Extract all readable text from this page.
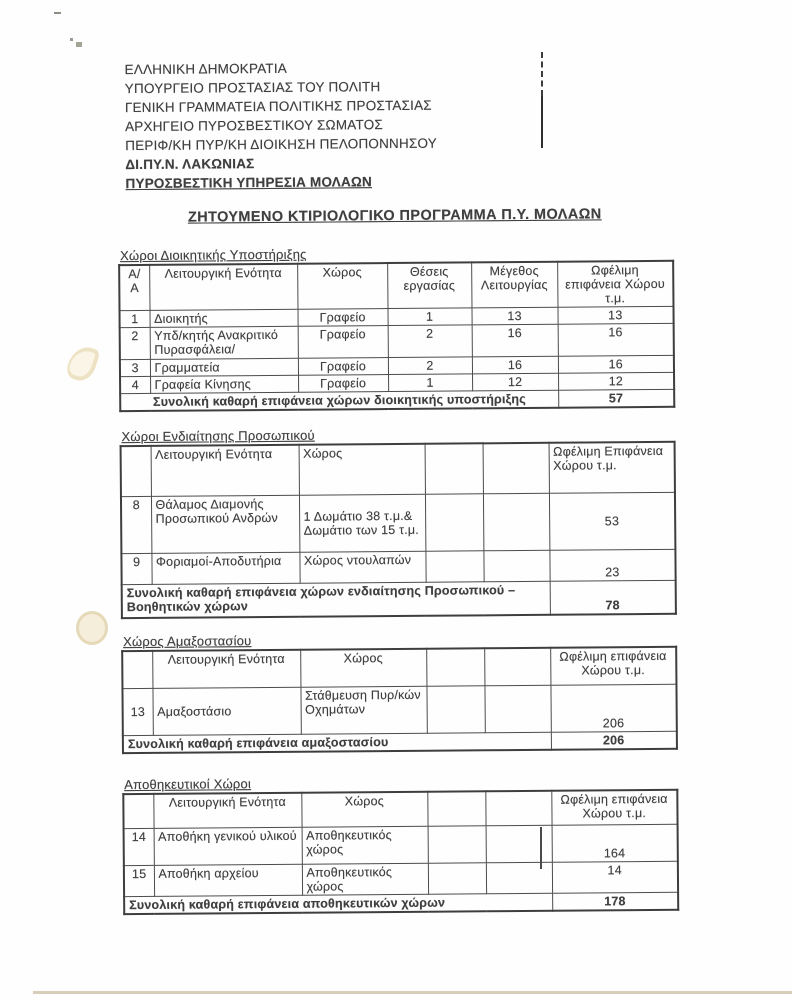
ΕΛΛΗΝΙΚΗ ΔΗΜΟΚΡΑΤΙΑ
ΥΠΟΥΡΓΕΙΟ ΠΡΟΣΤΑΣΙΑΣ ΤΟΥ ΠΟΛΙΤΗ
ΓΕΝΙΚΗ ΓΡΑΜΜΑΤΕΙΑ ΠΟΛΙΤΙΚΗΣ ΠΡΟΣΤΑΣΙΑΣ
ΑΡΧΗΓΕΙΟ ΠΥΡΟΣΒΕΣΤΙΚΟΥ ΣΩΜΑΤΟΣ
ΠΕΡΙΦ/ΚΗ ΠΥΡ/ΚΗ ΔΙΟΙΚΗΣΗ ΠΕΛΟΠΟΝΝΗΣΟΥ
ΔΙ.ΠΥ.Ν. ΛΑΚΩΝΙΑΣ
ΠΥΡΟΣΒΕΣΤΙΚΗ ΥΠΗΡΕΣΙΑ ΜΟΛΑΩΝ
ΖΗΤΟΥΜΕΝΟ ΚΤΙΡΙΟΛΟΓΙΚΟ ΠΡΟΓΡΑΜΜΑ Π.Υ. ΜΟΛΑΩΝ
Χώροι Διοικητικής Υποστήριξης
Α/Α	Λειτουργική Ενότητα	Χώρος	Θέσεις εργασίας	Μέγεθος Λειτουργίας	Ωφέλιμη επιφάνεια Χώρου τ.μ.
1	Διοικητής	Γραφείο	1	13	13
2	Υπδ/κητής Ανακριτικό Πυρασφάλεια/	Γραφείο	2	16	16
3	Γραμματεία	Γραφείο	2	16	16
4	Γραφεία Κίνησης	Γραφείο	1	12	12
Συνολική καθαρή επιφάνεια χώρων διοικητικής υποστήριξης					57
Χώροι Ενδιαίτησης Προσωπικού
	Λειτουργική Ενότητα	Χώρος			Ωφέλιμη Επιφάνεια Χώρου τ.μ.
8	Θάλαμος Διαμονής Προσωπικού Ανδρών	1 Δωμάτιο 38 τ.μ.& Δωμάτιο των 15 τ.μ.			53
9	Φοριαμοί-Αποδυτήρια	Χώρος ντουλαπών			23
Συνολική καθαρή επιφάνεια χώρων ενδιαίτησης Προσωπικού – Βοηθητικών χώρων					78
Χώρος Αμαξοστασίου
	Λειτουργική Ενότητα	Χώρος			Ωφέλιμη επιφάνεια Χώρου τ.μ.
13	Αμαξοστάσιο	Στάθμευση Πυρ/κών Οχημάτων			206
Συνολική καθαρή επιφάνεια αμαξοστασίου					206
Αποθηκευτικοί Χώροι
	Λειτουργική Ενότητα	Χώρος			Ωφέλιμη επιφάνεια Χώρου τ.μ.
14	Αποθήκη γενικού υλικού	Αποθηκευτικός χώρος			164
15	Αποθήκη αρχείου	Αποθηκευτικός χώρος			14
Συνολική καθαρή επιφάνεια αποθηκευτικών χώρων					178
